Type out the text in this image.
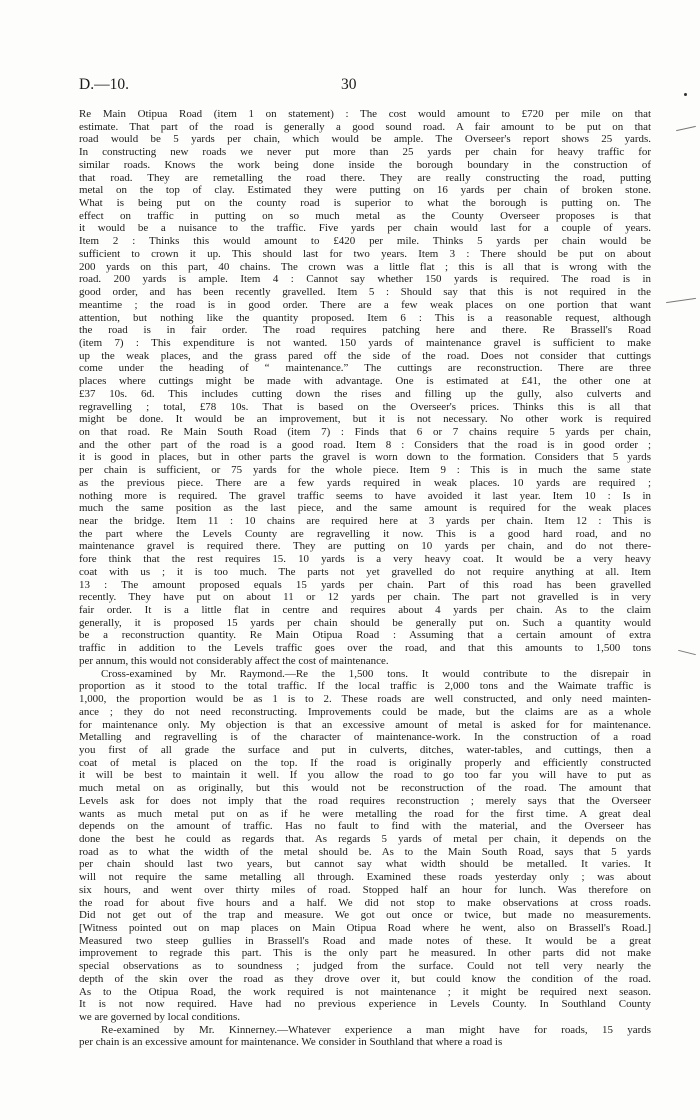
D.—10.	30
Re Main Otipua Road (item 1 on statement) : The cost would amount to £720 per mile on that
estimate. That part of the road is generally a good sound road. A fair amount to be put on that
road would be 5 yards per chain, which would be ample. The Overseer's report shows 25 yards.
In constructing new roads we never put more than 25 yards per chain for heavy traffic for
similar roads. Knows the work being done inside the borough boundary in the construction of
that road. They are remetalling the road there. They are really constructing the road, putting
metal on the top of clay. Estimated they were putting on 16 yards per chain of broken stone.
What is being put on the county road is superior to what the borough is putting on. The
effect on traffic in putting on so much metal as the County Overseer proposes is that
it would be a nuisance to the traffic. Five yards per chain would last for a couple of years.
Item 2 : Thinks this would amount to £420 per mile. Thinks 5 yards per chain would be
sufficient to crown it up. This should last for two years. Item 3 : There should be put on about
200 yards on this part, 40 chains. The crown was a little flat ; this is all that is wrong with the
road. 200 yards is ample. Item 4 : Cannot say whether 150 yards is required. The road is in
good order, and has been recently gravelled. Item 5 : Should say that this is not required in the
meantime ; the road is in good order. There are a few weak places on one portion that want
attention, but nothing like the quantity proposed. Item 6 : This is a reasonable request, although
the road is in fair order. The road requires patching here and there. Re Brassell's Road
(item 7) : This expenditure is not wanted. 150 yards of maintenance gravel is sufficient to make
up the weak places, and the grass pared off the side of the road. Does not consider that cuttings
come under the heading of “ maintenance.” The cuttings are reconstruction. There are three
places where cuttings might be made with advantage. One is estimated at £41, the other one at
£37 10s. 6d. This includes cutting down the rises and filling up the gully, also culverts and
regravelling ; total, £78 10s. That is based on the Overseer's prices. Thinks this is all that
might be done. It would be an improvement, but it is not necessary. No other work is required
on that road. Re Main South Road (item 7) : Finds that 6 or 7 chains require 5 yards per chain,
and the other part of the road is a good road. Item 8 : Considers that the road is in good order ;
it is good in places, but in other parts the gravel is worn down to the formation. Considers that 5 yards
per chain is sufficient, or 75 yards for the whole piece. Item 9 : This is in much the same state
as the previous piece. There are a few yards required in weak places. 10 yards are required ;
nothing more is required. The gravel traffic seems to have avoided it last year. Item 10 : Is in
much the same position as the last piece, and the same amount is required for the weak places
near the bridge. Item 11 : 10 chains are required here at 3 yards per chain. Item 12 : This is
the part where the Levels County are regravelling it now. This is a good hard road, and no
maintenance gravel is required there. They are putting on 10 yards per chain, and do not there-
fore think that the rest requires 15. 10 yards is a very heavy coat. It would be a very heavy
coat with us ; it is too much. The parts not yet gravelled do not require anything at all. Item
13 : The amount proposed equals 15 yards per chain. Part of this road has been gravelled
recently. They have put on about 11 or 12 yards per chain. The part not gravelled is in very
fair order. It is a little flat in centre and requires about 4 yards per chain. As to the claim
generally, it is proposed 15 yards per chain should be generally put on. Such a quantity would
be a reconstruction quantity. Re Main Otipua Road : Assuming that a certain amount of extra
traffic in addition to the Levels traffic goes over the road, and that this amounts to 1,500 tons
per annum, this would not considerably affect the cost of maintenance.
Cross-examined by Mr. Raymond.—Re the 1,500 tons. It would contribute to the disrepair in
proportion as it stood to the total traffic. If the local traffic is 2,000 tons and the Waimate traffic is
1,000, the proportion would be as 1 is to 2. These roads are well constructed, and only need mainten-
ance ; they do not need reconstructing. Improvements could be made, but the claims are as a whole
for maintenance only. My objection is that an excessive amount of metal is asked for for maintenance.
Metalling and regravelling is of the character of maintenance-work. In the construction of a road
you first of all grade the surface and put in culverts, ditches, water-tables, and cuttings, then a
coat of metal is placed on the top. If the road is originally properly and efficiently constructed
it will be best to maintain it well. If you allow the road to go too far you will have to put as
much metal on as originally, but this would not be reconstruction of the road. The amount that
Levels ask for does not imply that the road requires reconstruction ; merely says that the Overseer
wants as much metal put on as if he were metalling the road for the first time. A great deal
depends on the amount of traffic. Has no fault to find with the material, and the Overseer has
done the best he could as regards that. As regards 5 yards of metal per chain, it depends on the
road as to what the width of the metal should be. As to the Main South Road, says that 5 yards
per chain should last two years, but cannot say what width should be metalled. It varies. It
will not require the same metalling all through. Examined these roads yesterday only ; was about
six hours, and went over thirty miles of road. Stopped half an hour for lunch. Was therefore on
the road for about five hours and a half. We did not stop to make observations at cross roads.
Did not get out of the trap and measure. We got out once or twice, but made no measurements.
[Witness pointed out on map places on Main Otipua Road where he went, also on Brassell's Road.]
Measured two steep gullies in Brassell's Road and made notes of these. It would be a great
improvement to regrade this part. This is the only part he measured. In other parts did not make
special observations as to soundness ; judged from the surface. Could not tell very nearly the
depth of the skin over the road as they drove over it, but could know the condition of the road.
As to the Otipua Road, the work required is not maintenance ; it might be required next season.
It is not now required. Have had no previous experience in Levels County. In Southland County
we are governed by local conditions.
Re-examined by Mr. Kinnerney.—Whatever experience a man might have for roads, 15 yards
per chain is an excessive amount for maintenance. We consider in Southland that where a road is
